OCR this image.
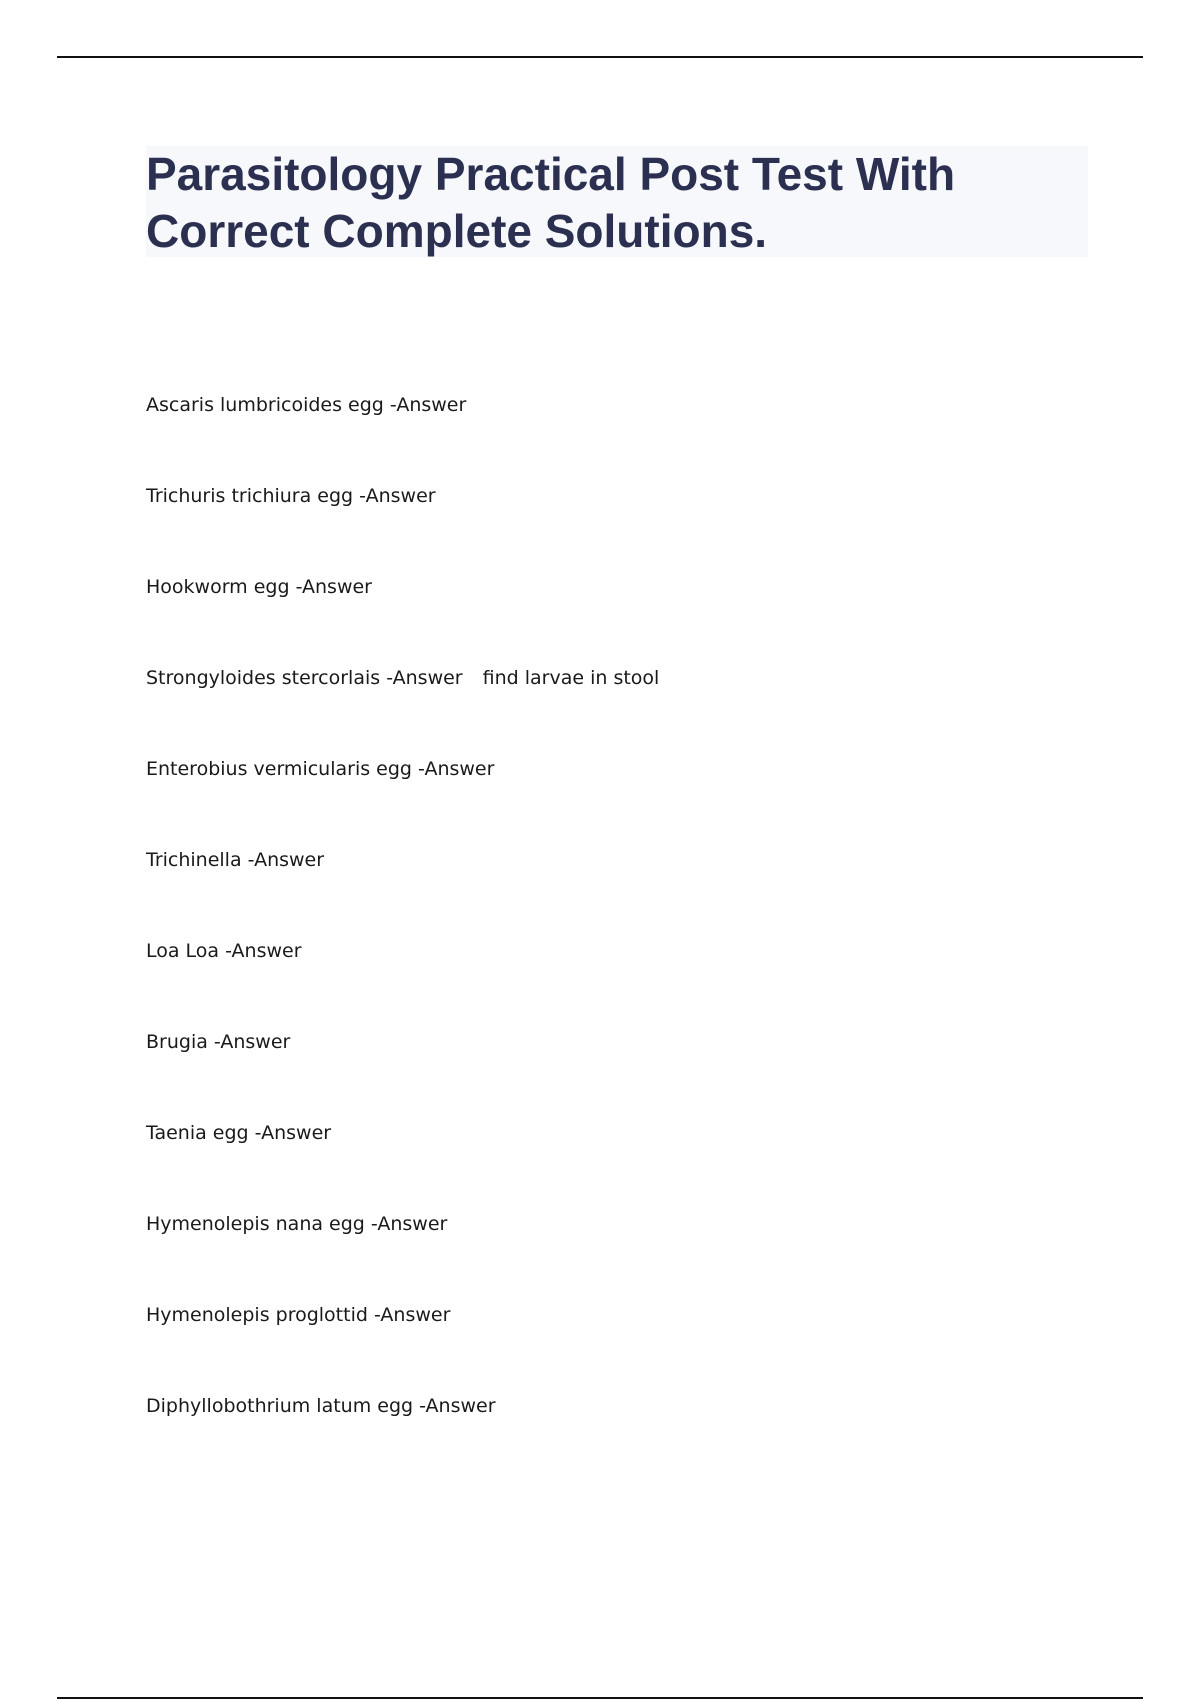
Parasitology Practical Post Test With Correct Complete Solutions.
Ascaris lumbricoides egg -Answer
Trichuris trichiura egg -Answer
Hookworm egg -Answer
Strongyloides stercorlais -Answer find larvae in stool
Enterobius vermicularis egg -Answer
Trichinella -Answer
Loa Loa -Answer
Brugia -Answer
Taenia egg -Answer
Hymenolepis nana egg -Answer
Hymenolepis proglottid -Answer
Diphyllobothrium latum egg -Answer
